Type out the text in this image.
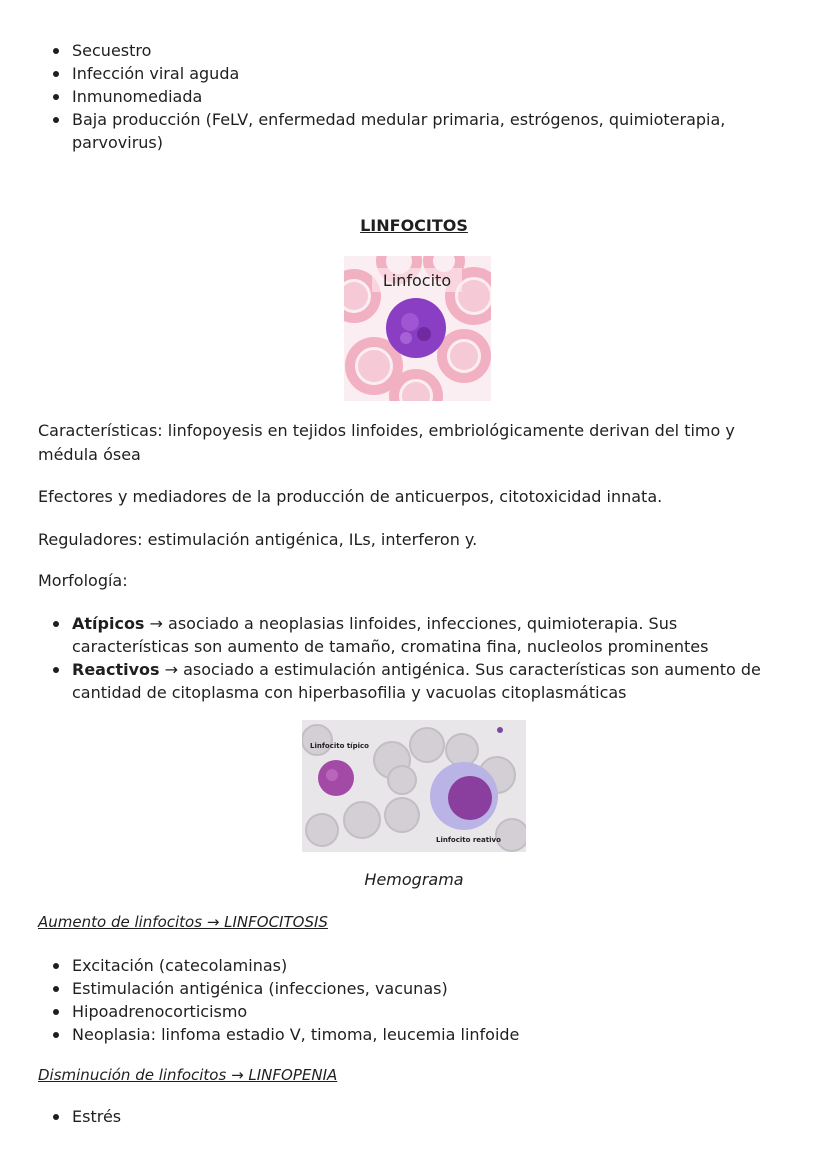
Secuestro
Infección viral aguda
Inmunomediada
Baja producción (FeLV, enfermedad medular primaria, estrógenos, quimioterapia, parvovirus)
LINFOCITOS
Linfocito

Características: linfopoyesis en tejidos linfoides, embriológicamente derivan del timo y médula ósea

Efectores y mediadores de la producción de anticuerpos, citotoxicidad innata.

Reguladores: estimulación antigénica, ILs, interferon y.

Morfología:

Atípicos → asociado a neoplasias linfoides, infecciones, quimioterapia. Sus características son aumento de tamaño, cromatina fina, nucleolos prominentes
Reactivos → asociado a estimulación antigénica. Sus características son aumento de cantidad de citoplasma con hiperbasofilia y vacuolas citoplasmáticas
Linfocito típico
Linfocito reativo
Hemograma
Aumento de linfocitos → LINFOCITOSIS
Excitación (catecolaminas)
Estimulación antigénica (infecciones, vacunas)
Hipoadrenocorticismo
Neoplasia: linfoma estadio V, timoma, leucemia linfoide
Disminución de linfocitos → LINFOPENIA
Estrés
